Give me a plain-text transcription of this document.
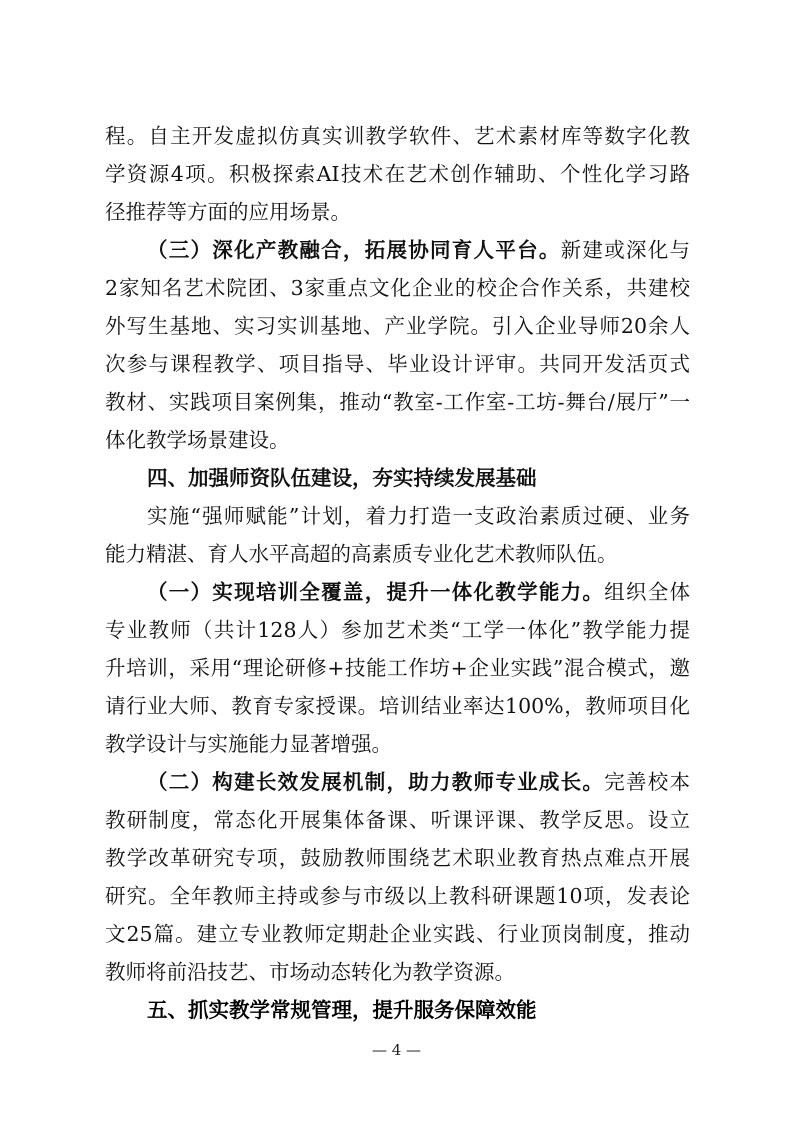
程。自主开发虚拟仿真实训教学软件、艺术素材库等数字化教
学资源4项。积极探索AI技术在艺术创作辅助、个性化学习路
径推荐等方面的应用场景。
（三）深化产教融合，拓展协同育人平台。新建或深化与
2家知名艺术院团、3家重点文化企业的校企合作关系，共建校
外写生基地、实习实训基地、产业学院。引入企业导师20余人
次参与课程教学、项目指导、毕业设计评审。共同开发活页式
教材、实践项目案例集，推动“教室-工作室-工坊-舞台/展厅”一
体化教学场景建设。
四、加强师资队伍建设，夯实持续发展基础
实施“强师赋能”计划，着力打造一支政治素质过硬、业务
能力精湛、育人水平高超的高素质专业化艺术教师队伍。
（一）实现培训全覆盖，提升一体化教学能力。组织全体
专业教师（共计128人）参加艺术类“工学一体化”教学能力提
升培训，采用“理论研修+技能工作坊+企业实践”混合模式，邀
请行业大师、教育专家授课。培训结业率达100%，教师项目化
教学设计与实施能力显著增强。
（二）构建长效发展机制，助力教师专业成长。完善校本
教研制度，常态化开展集体备课、听课评课、教学反思。设立
教学改革研究专项，鼓励教师围绕艺术职业教育热点难点开展
研究。全年教师主持或参与市级以上教科研课题10项，发表论
文25篇。建立专业教师定期赴企业实践、行业顶岗制度，推动
教师将前沿技艺、市场动态转化为教学资源。
五、抓实教学常规管理，提升服务保障效能
— 4 —
